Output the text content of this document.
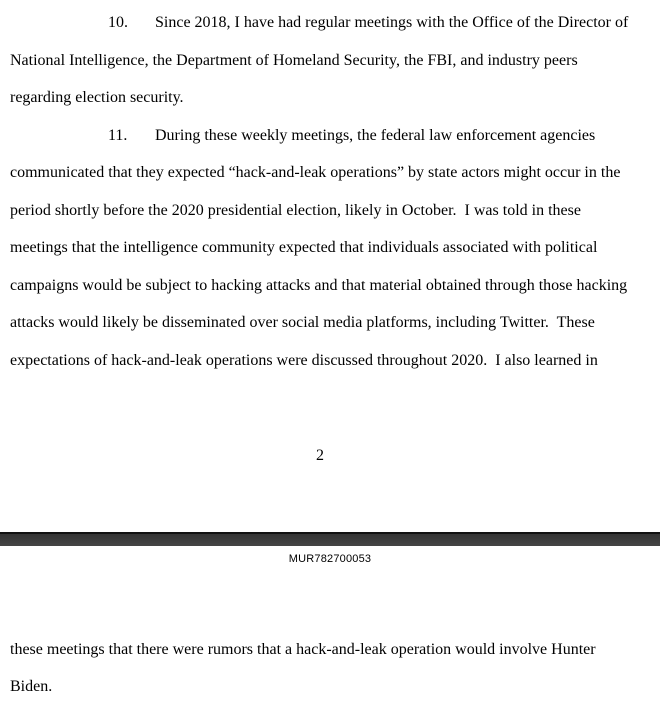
10. Since 2018, I have had regular meetings with the Office of the Director of National Intelligence, the Department of Homeland Security, the FBI, and industry peers regarding election security.

11. During these weekly meetings, the federal law enforcement agencies communicated that they expected “hack-and-leak operations” by state actors might occur in the period shortly before the 2020 presidential election, likely in October.  I was told in these meetings that the intelligence community expected that individuals associated with political campaigns would be subject to hacking attacks and that material obtained through those hacking attacks would likely be disseminated over social media platforms, including Twitter.  These expectations of hack-and-leak operations were discussed throughout 2020.  I also learned in

2
MUR782700053

these meetings that there were rumors that a hack-and-leak operation would involve Hunter Biden.
